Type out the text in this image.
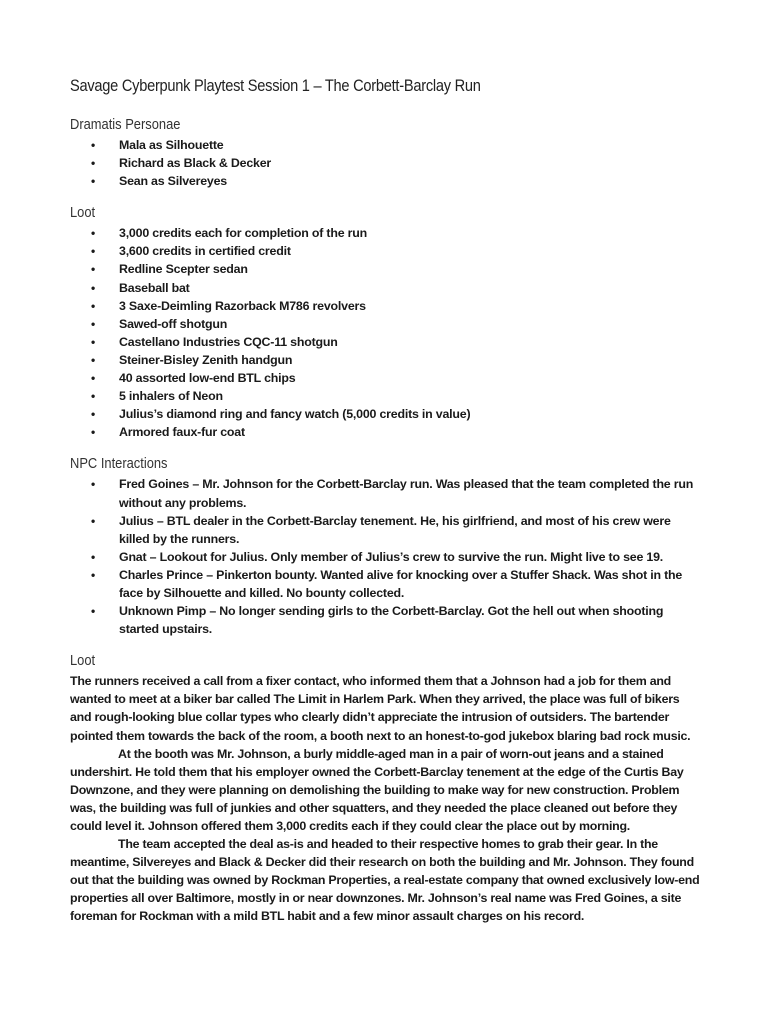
Savage Cyberpunk Playtest Session 1 – The Corbett-Barclay Run
Dramatis Personae
• Mala as Silhouette
• Richard as Black & Decker
• Sean as Silvereyes
Loot
• 3,000 credits each for completion of the run
• 3,600 credits in certified credit
• Redline Scepter sedan
• Baseball bat
• 3 Saxe-Deimling Razorback M786 revolvers
• Sawed-off shotgun
• Castellano Industries CQC-11 shotgun
• Steiner-Bisley Zenith handgun
• 40 assorted low-end BTL chips
• 5 inhalers of Neon
• Julius’s diamond ring and fancy watch (5,000 credits in value)
• Armored faux-fur coat
NPC Interactions
• Fred Goines – Mr. Johnson for the Corbett-Barclay run. Was pleased that the team completed the run without any problems.
• Julius – BTL dealer in the Corbett-Barclay tenement. He, his girlfriend, and most of his crew were killed by the runners.
• Gnat – Lookout for Julius. Only member of Julius’s crew to survive the run. Might live to see 19.
• Charles Prince – Pinkerton bounty. Wanted alive for knocking over a Stuffer Shack. Was shot in the face by Silhouette and killed. No bounty collected.
• Unknown Pimp – No longer sending girls to the Corbett-Barclay. Got the hell out when shooting started upstairs.
Loot

The runners received a call from a fixer contact, who informed them that a Johnson had a job for them and wanted to meet at a biker bar called The Limit in Harlem Park. When they arrived, the place was full of bikers and rough-looking blue collar types who clearly didn’t appreciate the intrusion of outsiders. The bartender pointed them towards the back of the room, a booth next to an honest-to-god jukebox blaring bad rock music.

At the booth was Mr. Johnson, a burly middle-aged man in a pair of worn-out jeans and a stained undershirt. He told them that his employer owned the Corbett-Barclay tenement at the edge of the Curtis Bay Downzone, and they were planning on demolishing the building to make way for new construction. Problem was, the building was full of junkies and other squatters, and they needed the place cleaned out before they could level it. Johnson offered them 3,000 credits each if they could clear the place out by morning.

The team accepted the deal as-is and headed to their respective homes to grab their gear. In the meantime, Silvereyes and Black & Decker did their research on both the building and Mr. Johnson. They found out that the building was owned by Rockman Properties, a real-estate company that owned exclusively low-end properties all over Baltimore, mostly in or near downzones. Mr. Johnson’s real name was Fred Goines, a site foreman for Rockman with a mild BTL habit and a few minor assault charges on his record.
